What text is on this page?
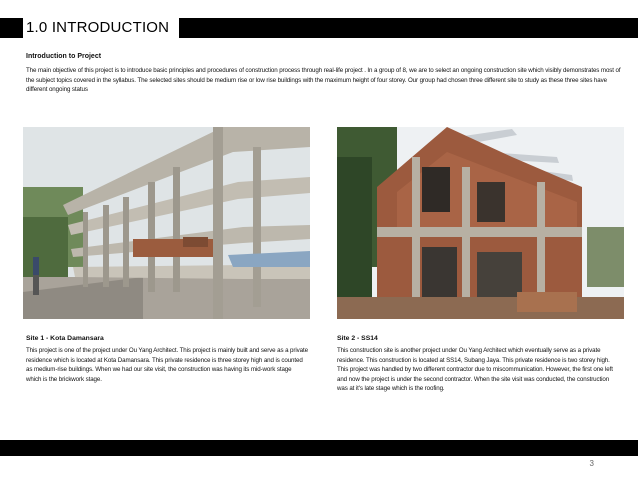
1.0 INTRODUCTION
Introduction to Project
The main objective of this project is to introduce basic principles and procedures of construction process through real-life project . In a group of 8, we are to select an ongoing construction site which visibly demonstrates most of the subject topics covered in the syllabus. The selected sites should be medium rise or low rise buildings with the maximum height of four storey. Our group had chosen three different site to study as these three sites have different ongoing status
Site 1 - Kota Damansara
This project is one of the project under Ou Yang Architect. This project is mainly built and serve as a private residence which is located at Kota Damansara. This private residence is three storey high and is counted as medium-rise buildings. When we had our site visit, the construction was having its mid-work stage which is the brickwork stage.
Site 2 - SS14
This construction site is another project under Ou Yang Architect which eventually serve as a private residence. This construction is located at SS14, Subang Jaya. This private residence is two storey high. This project was handled by two different contractor due to miscommunication. However, the first one left and now the project is under the second contractor. When the site visit was conducted, the construction was at it's late stage which is the roofing.
3
